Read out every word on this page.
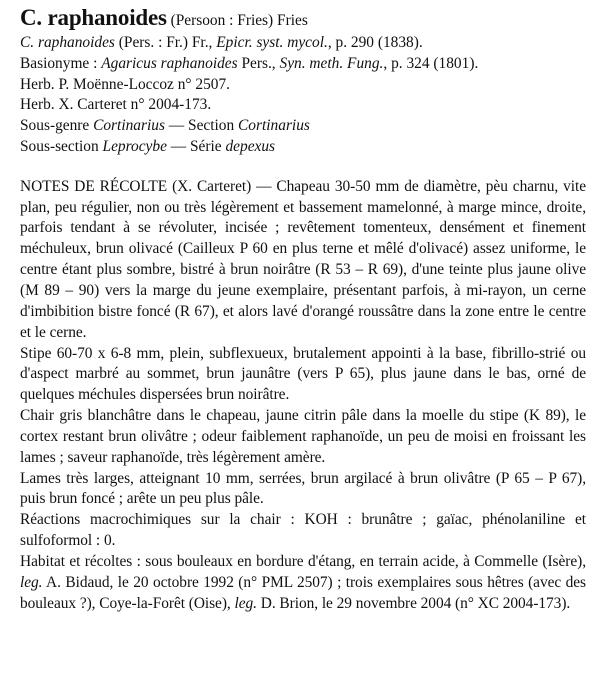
C. raphanoides (Persoon : Fries) Fries
C. raphanoides (Pers. : Fr.) Fr., Epicr. syst. mycol., p. 290 (1838).
Basionyme : Agaricus raphanoides Pers., Syn. meth. Fung., p. 324 (1801).
Herb. P. Moënne-Loccoz n° 2507.
Herb. X. Carteret n° 2004-173.
Sous-genre Cortinarius — Section Cortinarius
Sous-section Leprocybe — Série depexus

NOTES DE RÉCOLTE (X. Carteret) — Chapeau 30-50 mm de diamètre, pèu charnu, vite plan, peu régulier, non ou très légèrement et bassement mamelonné, à marge mince, droite, parfois tendant à se révoluter, incisée ; revêtement tomenteux, densément et finement méchuleux, brun olivacé (Cailleux P 60 en plus terne et mêlé d'olivacé) assez uniforme, le centre étant plus sombre, bistré à brun noirâtre (R 53 – R 69), d'une teinte plus jaune olive (M 89 – 90) vers la marge du jeune exemplaire, présentant parfois, à mi-rayon, un cerne d'imbibition bistre foncé (R 67), et alors lavé d'orangé roussâtre dans la zone entre le centre et le cerne.

Stipe 60-70 x 6-8 mm, plein, subflexueux, brutalement appointi à la base, fibrillo-strié ou d'aspect marbré au sommet, brun jaunâtre (vers P 65), plus jaune dans le bas, orné de quelques méchules dispersées brun noirâtre.

Chair gris blanchâtre dans le chapeau, jaune citrin pâle dans la moelle du stipe (K 89), le cortex restant brun olivâtre ; odeur faiblement raphanoïde, un peu de moisi en froissant les lames ; saveur raphanoïde, très légèrement amère.

Lames très larges, atteignant 10 mm, serrées, brun argilacé à brun olivâtre (P 65 – P 67), puis brun foncé ; arête un peu plus pâle.

Réactions macrochimiques sur la chair : KOH : brunâtre ; gaïac, phénolaniline et sulfoformol : 0.

Habitat et récoltes : sous bouleaux en bordure d'étang, en terrain acide, à Commelle (Isère), leg. A. Bidaud, le 20 octobre 1992 (n° PML 2507) ; trois exemplaires sous hêtres (avec des bouleaux ?), Coye-la-Forêt (Oise), leg. D. Brion, le 29 novembre 2004 (n° XC 2004-173).
